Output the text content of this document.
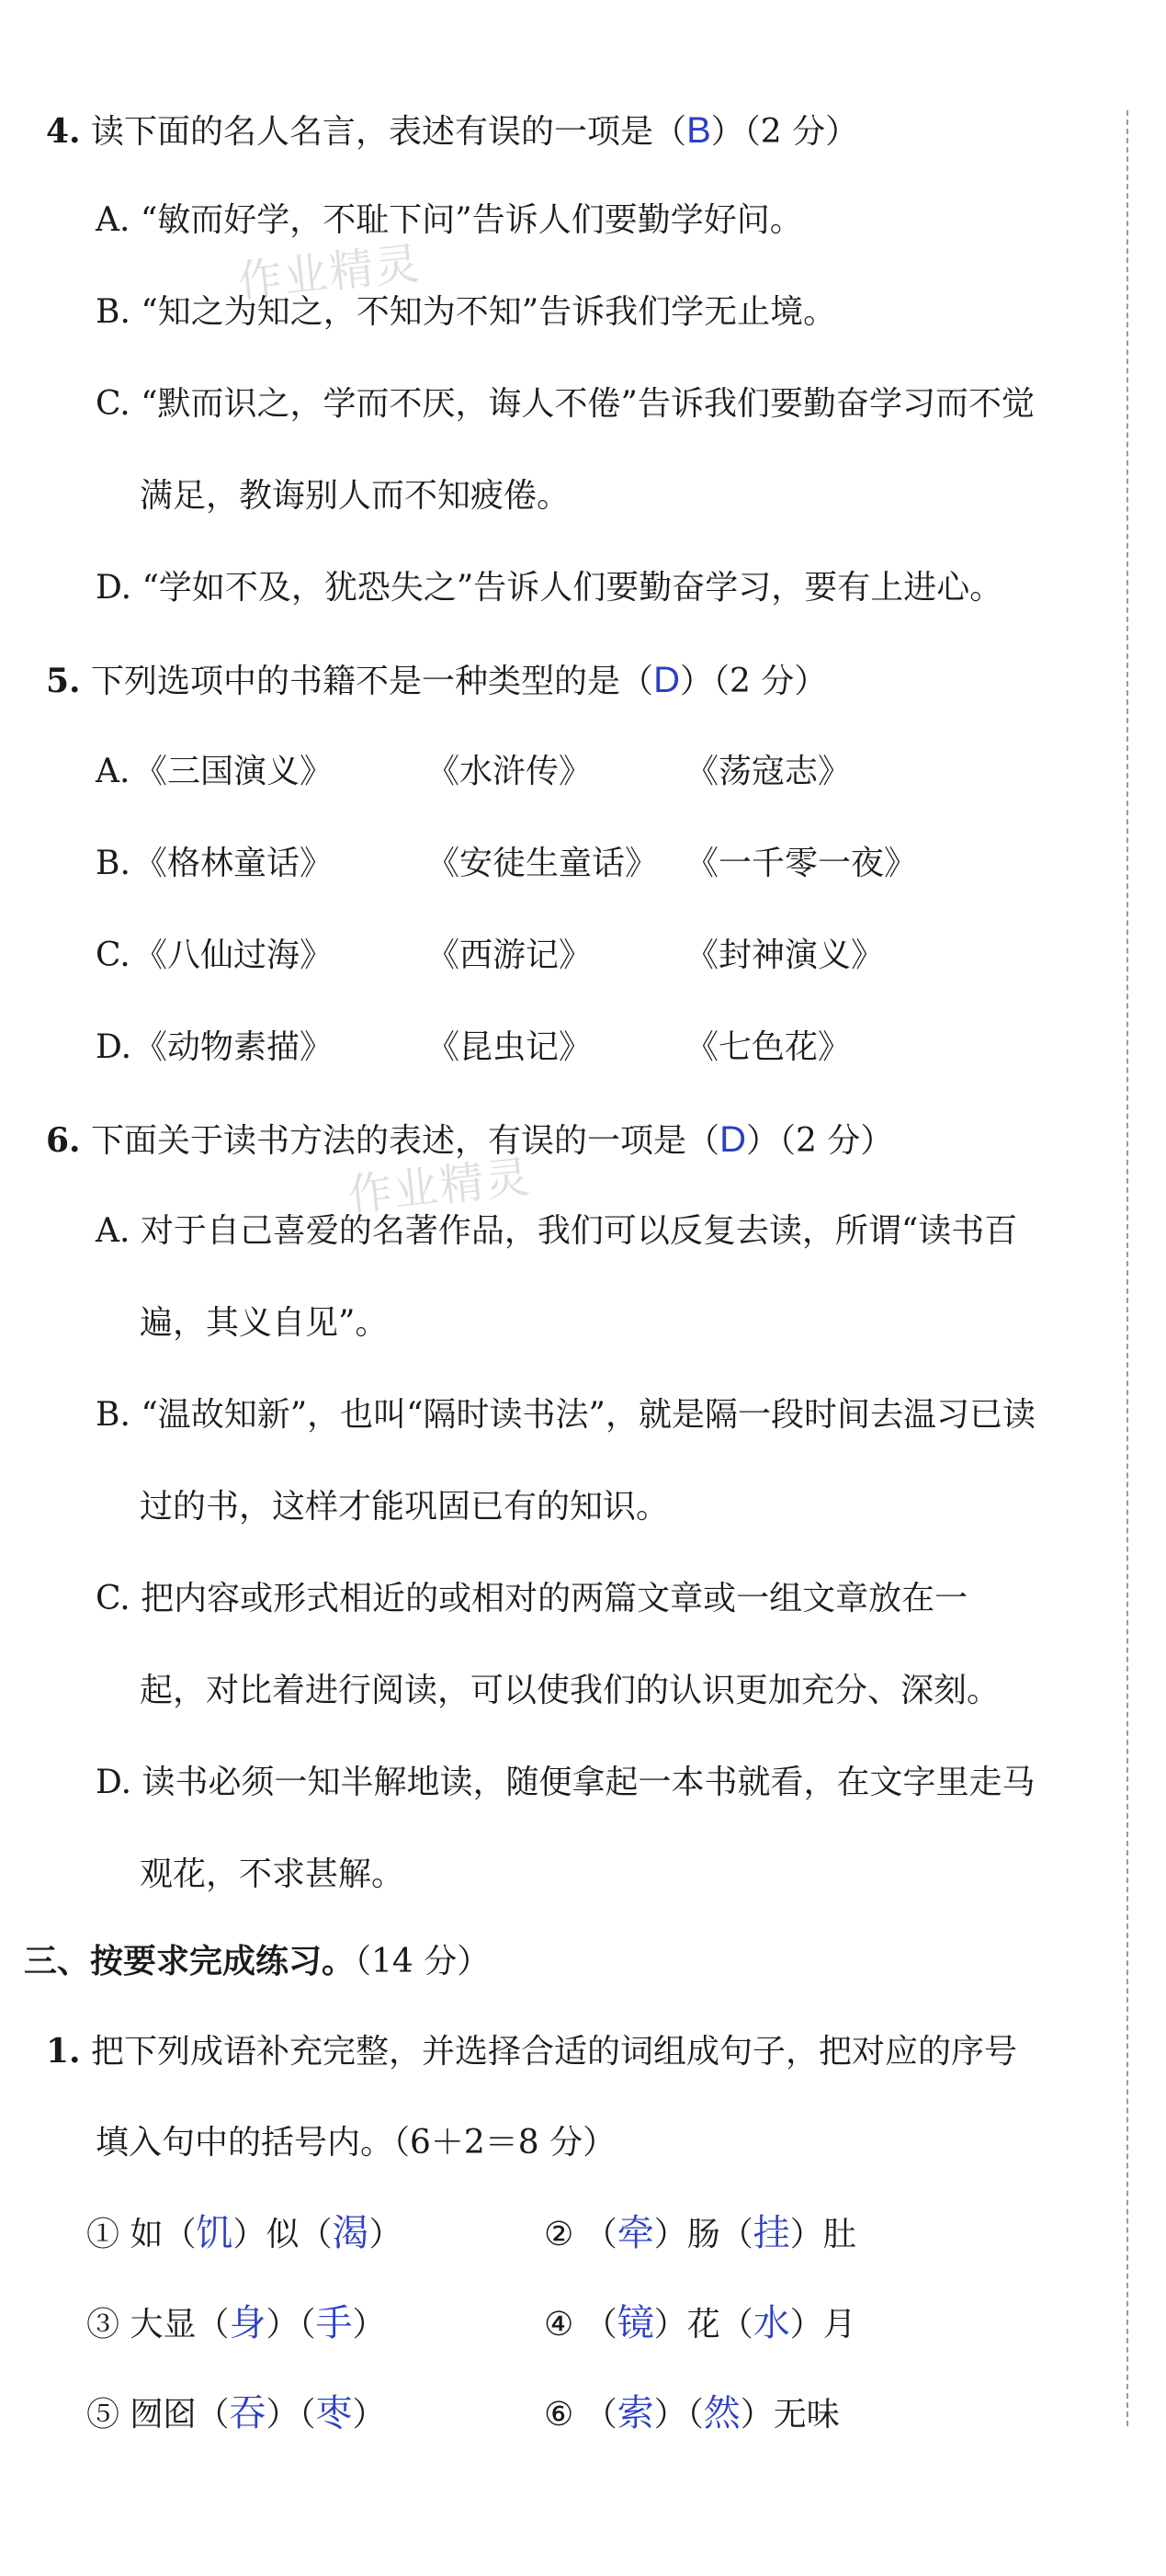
作业精灵
作业精灵
4. 读下面的名人名言，表述有误的一项是（B）（2 分）
A. “敏而好学，不耻下问”告诉人们要勤学好问。
B. “知之为知之，不知为不知”告诉我们学无止境。
C. “默而识之，学而不厌，诲人不倦”告诉我们要勤奋学习而不觉
满足，教诲别人而不知疲倦。
D. “学如不及，犹恐失之”告诉人们要勤奋学习，要有上进心。
5. 下列选项中的书籍不是一种类型的是（D）（2 分）
A. 《三国演义》	《水浒传》	《荡寇志》
B. 《格林童话》	《安徒生童话》 《一千零一夜》
C. 《八仙过海》	《西游记》	《封神演义》
D.《动物素描》	《昆虫记》	《七色花》
6. 下面关于读书方法的表述，有误的一项是（D）（2 分）
A. 对于自己喜爱的名著作品，我们可以反复去读，所谓“读书百
遍，其义自见”。
B. “温故知新”，也叫“隔时读书法”，就是隔一段时间去温习已读
过的书，这样才能巩固已有的知识。
C. 把内容或形式相近的或相对的两篇文章或一组文章放在一
起，对比着进行阅读，可以使我们的认识更加充分、深刻。
D. 读书必须一知半解地读，随便拿起一本书就看，在文字里走马
观花，不求甚解。
三、按要求完成练习。（14 分）
1. 把下列成语补充完整，并选择合适的词组成句子，把对应的序号
填入句中的括号内。（6＋2＝8 分）
① 如（饥）似（渴）	② （牵）肠（挂）肚
③ 大显（身）（手）	④ （镜）花（水）月
⑤ 囫囵（吞）（枣）	⑥ （索）（然）无味
